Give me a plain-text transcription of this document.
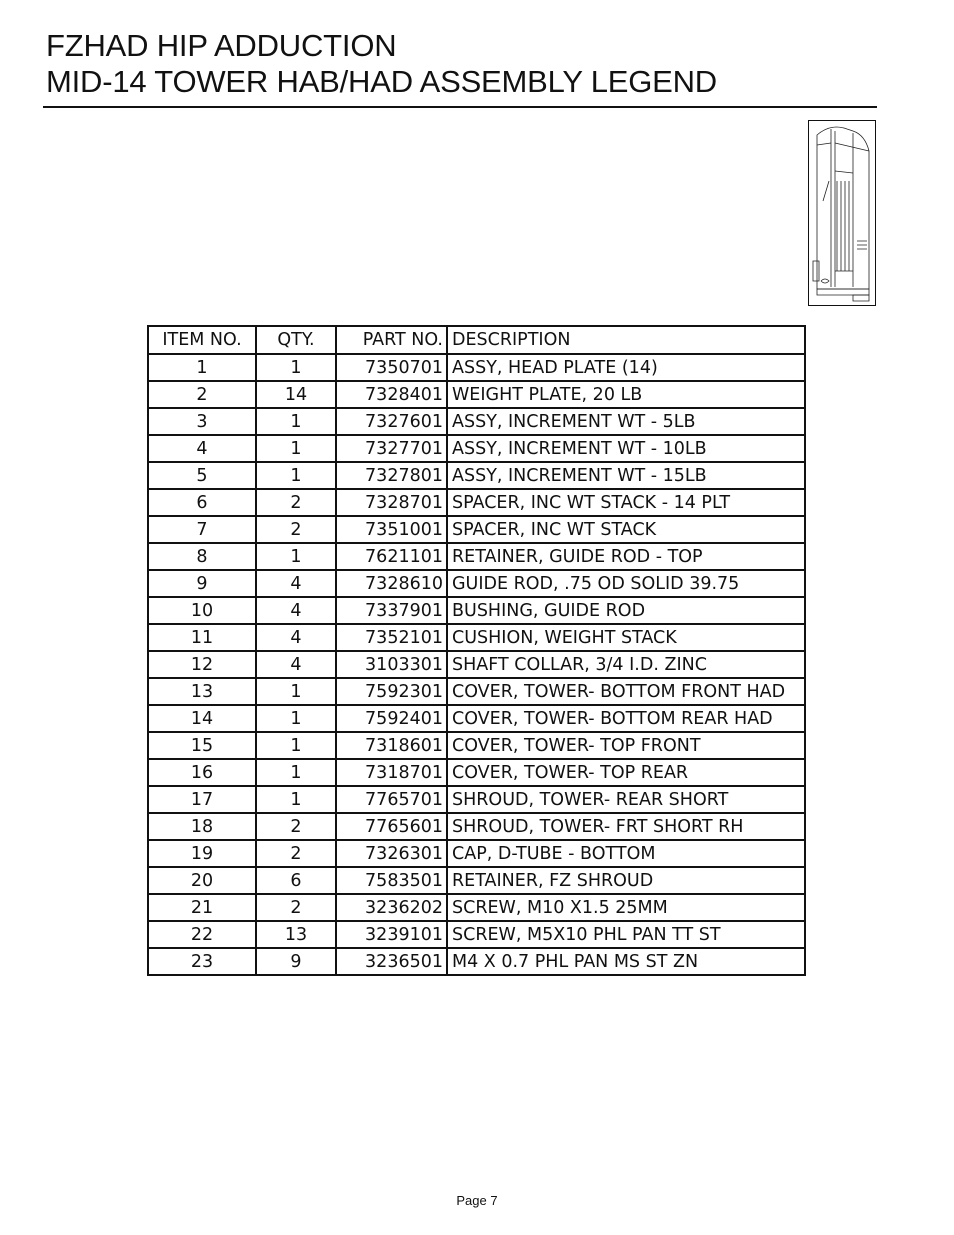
FZHAD HIP ADDUCTION
MID-14 TOWER HAB/HAD ASSEMBLY LEGEND
ITEM NO.	QTY.	PART NO.	DESCRIPTION
1	1	7350701	ASSY, HEAD PLATE (14)
2	14	7328401	WEIGHT PLATE, 20 LB
3	1	7327601	ASSY, INCREMENT WT - 5LB
4	1	7327701	ASSY, INCREMENT WT - 10LB
5	1	7327801	ASSY, INCREMENT WT - 15LB
6	2	7328701	SPACER, INC WT STACK - 14 PLT
7	2	7351001	SPACER, INC WT STACK
8	1	7621101	RETAINER, GUIDE ROD - TOP
9	4	7328610	GUIDE ROD, .75 OD SOLID 39.75
10	4	7337901	BUSHING, GUIDE ROD
11	4	7352101	CUSHION, WEIGHT STACK
12	4	3103301	SHAFT COLLAR, 3/4 I.D. ZINC
13	1	7592301	COVER, TOWER- BOTTOM FRONT HAD
14	1	7592401	COVER, TOWER- BOTTOM REAR HAD
15	1	7318601	COVER, TOWER- TOP FRONT
16	1	7318701	COVER, TOWER- TOP REAR
17	1	7765701	SHROUD, TOWER- REAR SHORT
18	2	7765601	SHROUD, TOWER- FRT SHORT RH
19	2	7326301	CAP, D-TUBE - BOTTOM
20	6	7583501	RETAINER, FZ SHROUD
21	2	3236202	SCREW, M10 X1.5 25MM
22	13	3239101	SCREW, M5X10 PHL PAN TT ST
23	9	3236501	M4 X 0.7 PHL PAN MS ST ZN
Page 7
